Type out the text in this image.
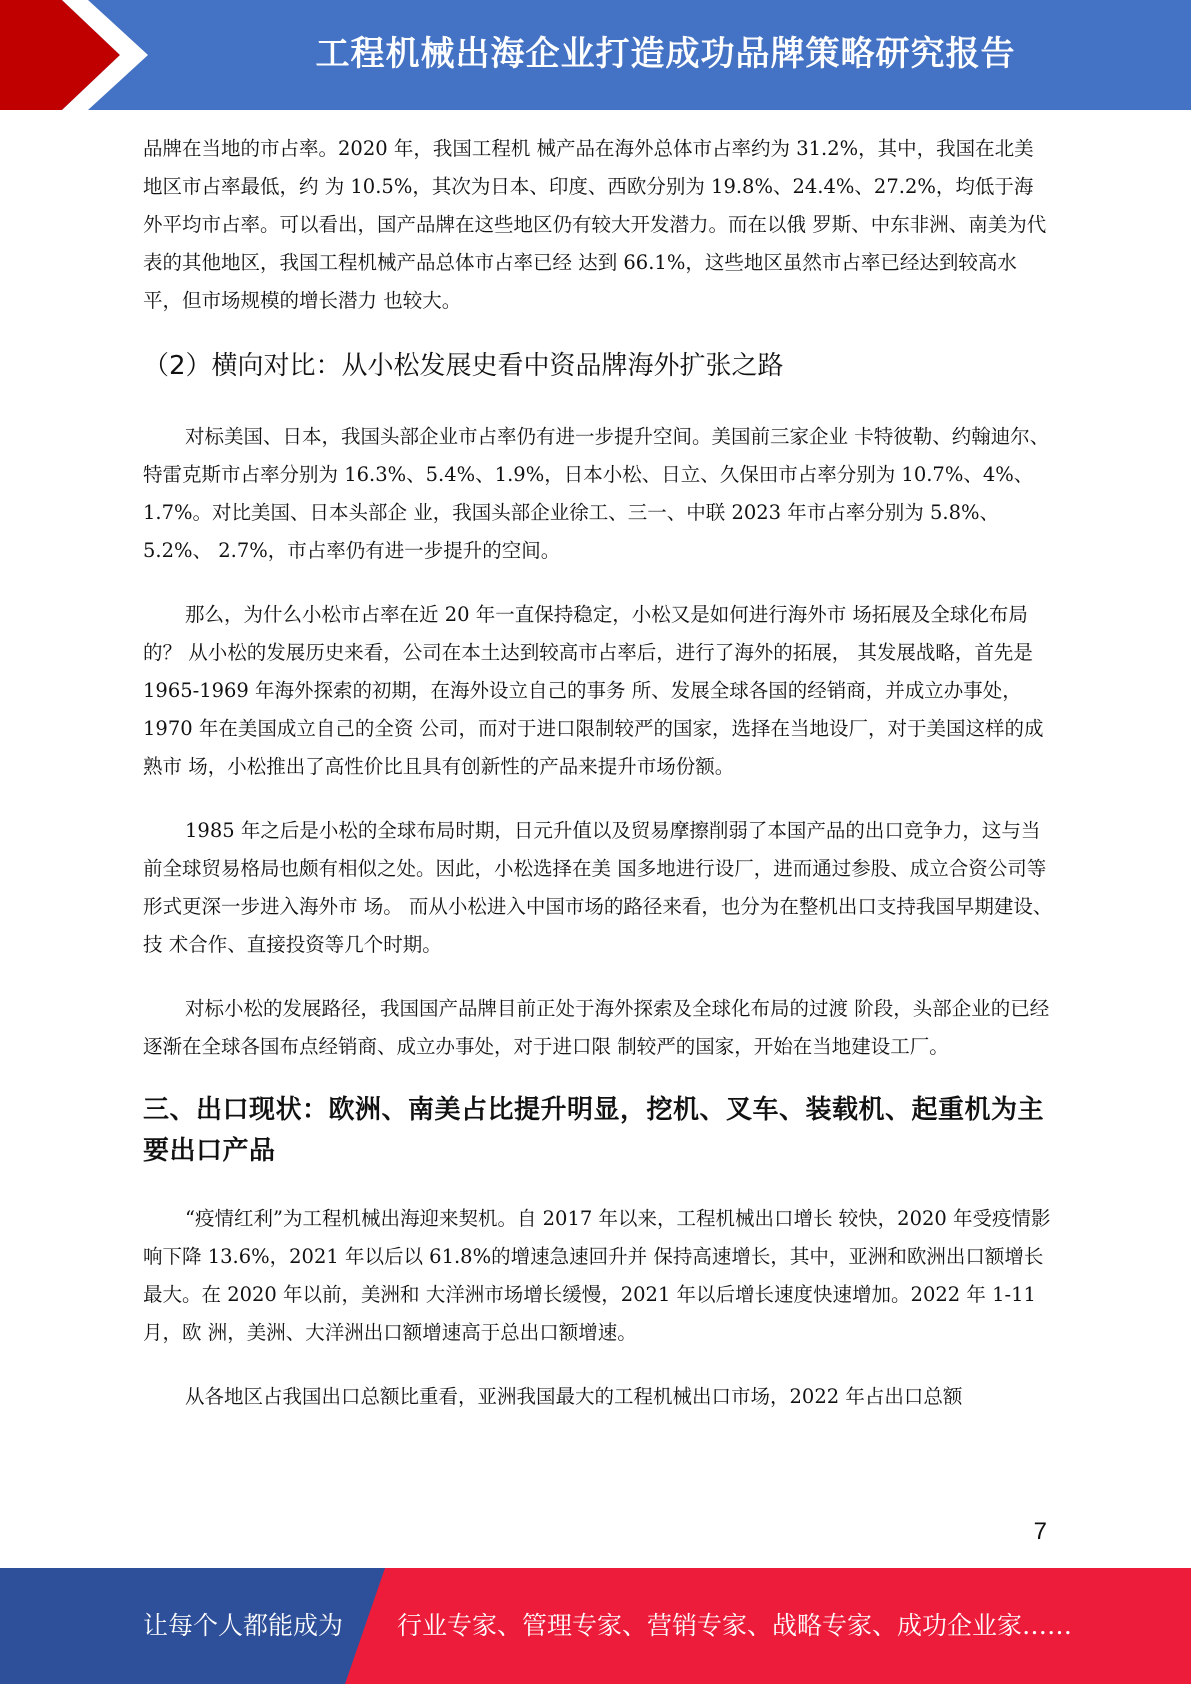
工程机械出海企业打造成功品牌策略研究报告

品牌在当地的市占率。2020 年，我国工程机 械产品在海外总体市占率约为 31.2%，其中，我国在北美地区市占率最低，约 为 10.5%，其次为日本、印度、西欧分别为 19.8%、24.4%、27.2%，均低于海 外平均市占率。可以看出，国产品牌在这些地区仍有较大开发潜力。而在以俄 罗斯、中东非洲、南美为代表的其他地区，我国工程机械产品总体市占率已经 达到 66.1%，这些地区虽然市占率已经达到较高水平，但市场规模的增长潜力 也较大。

（2）横向对比：从小松发展史看中资品牌海外扩张之路

对标美国、日本，我国头部企业市占率仍有进一步提升空间。美国前三家企业 卡特彼勒、约翰迪尔、特雷克斯市占率分别为 16.3%、5.4%、1.9%，日本小松、日立、久保田市占率分别为 10.7%、4%、1.7%。对比美国、日本头部企 业，我国头部企业徐工、三一、中联 2023 年市占率分别为 5.8%、5.2%、 2.7%，市占率仍有进一步提升的空间。

那么，为什么小松市占率在近 20 年一直保持稳定，小松又是如何进行海外市 场拓展及全球化布局的？ 从小松的发展历史来看，公司在本土达到较高市占率后，进行了海外的拓展， 其发展战略，首先是 1965-1969 年海外探索的初期，在海外设立自己的事务 所、发展全球各国的经销商，并成立办事处，1970 年在美国成立自己的全资 公司，而对于进口限制较严的国家，选择在当地设厂，对于美国这样的成熟市 场，小松推出了高性价比且具有创新性的产品来提升市场份额。

1985 年之后是小松的全球布局时期，日元升值以及贸易摩擦削弱了本国产品的出口竞争力，这与当前全球贸易格局也颇有相似之处。因此，小松选择在美 国多地进行设厂，进而通过参股、成立合资公司等形式更深一步进入海外市 场。 而从小松进入中国市场的路径来看，也分为在整机出口支持我国早期建设、技 术合作、直接投资等几个时期。

对标小松的发展路径，我国国产品牌目前正处于海外探索及全球化布局的过渡 阶段，头部企业的已经逐渐在全球各国布点经销商、成立办事处，对于进口限 制较严的国家，开始在当地建设工厂。

三、出口现状：欧洲、南美占比提升明显，挖机、叉车、装载机、起重机为主 要出口产品

“疫情红利”为工程机械出海迎来契机。自 2017 年以来，工程机械出口增长 较快，2020 年受疫情影响下降 13.6%，2021 年以后以 61.8%的增速急速回升并 保持高速增长，其中，亚洲和欧洲出口额增长最大。在 2020 年以前，美洲和 大洋洲市场增长缓慢，2021 年以后增长速度快速增加。2022 年 1-11 月，欧 洲，美洲、大洋洲出口额增速高于总出口额增速。

从各地区占我国出口总额比重看，亚洲我国最大的工程机械出口市场，2022 年占出口总额

7
让每个人都能成为 行业专家、管理专家、营销专家、战略专家、成功企业家……
